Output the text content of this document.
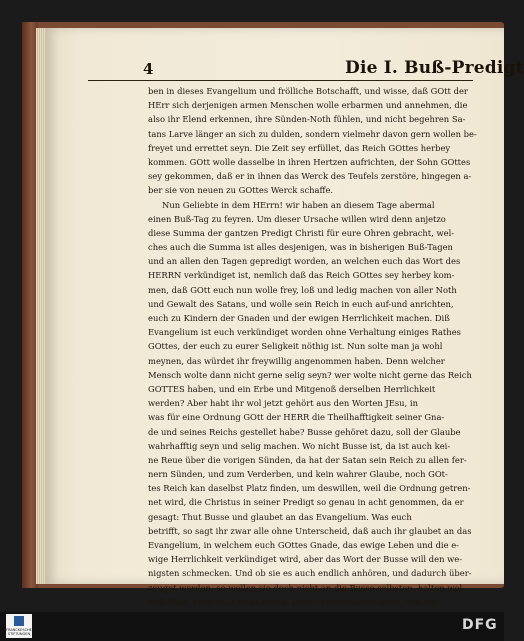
4	Die I. Buß-Predigt
ben in dieses Evangelium und frölliche Botschafft, und wisse, daß GOtt der
HErr sich derjenigen armen Menschen wolle erbarmen und annehmen, die
also ihr Elend erkennen, ihre Sünden-Noth fühlen, und nicht begehren Sa-
tans Larve länger an sich zu dulden, sondern vielmehr davon gern wollen be-
freyet und errettet seyn. Die Zeit sey erfüllet, das Reich GOttes herbey
kommen. GOtt wolle dasselbe in ihren Hertzen aufrichten, der Sohn GOttes
sey gekommen, daß er in ihnen das Werck des Teufels zerstöre, hingegen a-
ber sie von neuen zu GOttes Werck schaffe.
Nun Geliebte in dem HErrn! wir haben an diesem Tage abermal
einen Buß-Tag zu feyren. Um dieser Ursache willen wird denn anjetzo
diese Summa der gantzen Predigt Christi für eure Ohren gebracht, wel-
ches auch die Summa ist alles desjenigen, was in bisherigen Buß-Tagen
und an allen den Tagen gepredigt worden, an welchen euch das Wort des
HERRN verkündiget ist, nemlich daß das Reich GOttes sey herbey kom-
men, daß GOtt euch nun wolle frey, loß und ledig machen von aller Noth
und Gewalt des Satans, und wolle sein Reich in euch auf-und anrichten,
euch zu Kindern der Gnaden und der ewigen Herrlichkeit machen. Diß
Evangelium ist euch verkündiget worden ohne Verhaltung einiges Rathes
GOttes, der euch zu eurer Seligkeit nöthig ist. Nun solte man ja wohl
meynen, das würdet ihr freywillig angenommen haben. Denn welcher
Mensch wolte dann nicht gerne selig seyn? wer wolte nicht gerne das Reich
GOTTES haben, und ein Erbe und Mitgenoß derselben Herrlichkeit
werden? Aber habt ihr wol jetzt gehört aus den Worten JEsu, in
was für eine Ordnung GOtt der HERR die Theilhafftigkeit seiner Gna-
de und seines Reichs gestellet habe? Busse gehöret dazu, soll der Glaube
wahrhafftig seyn und selig machen. Wo nicht Busse ist, da ist auch kei-
ne Reue über die vorigen Sünden, da hat der Satan sein Reich zu allen fer-
nern Sünden, und zum Verderben, und kein wahrer Glaube, noch GOt-
tes Reich kan daselbst Platz finden, um deswillen, weil die Ordnung getren-
net wird, die Christus in seiner Predigt so genau in acht genommen, da er
gesagt: Thut Busse und glaubet an das Evangelium. Was euch
betrifft, so sagt ihr zwar alle ohne Unterscheid, daß auch ihr glaubet an das
Evangelium, in welchem euch GOttes Gnade, das ewige Leben und die e-
wige Herrlichkeit verkündiget wird, aber das Wort der Busse will den we-
nigsten schmecken. Und ob sie es auch endlich anhören, und dadurch über-
zeuget werden, so wollen sie doch nicht an die Busse selbsten, halten wol
Buß-Tage, thun aber nicht Busse. Dahero geschiehets denn, daß die
FRANCKESCHE STIFTUNGEN
DFG
